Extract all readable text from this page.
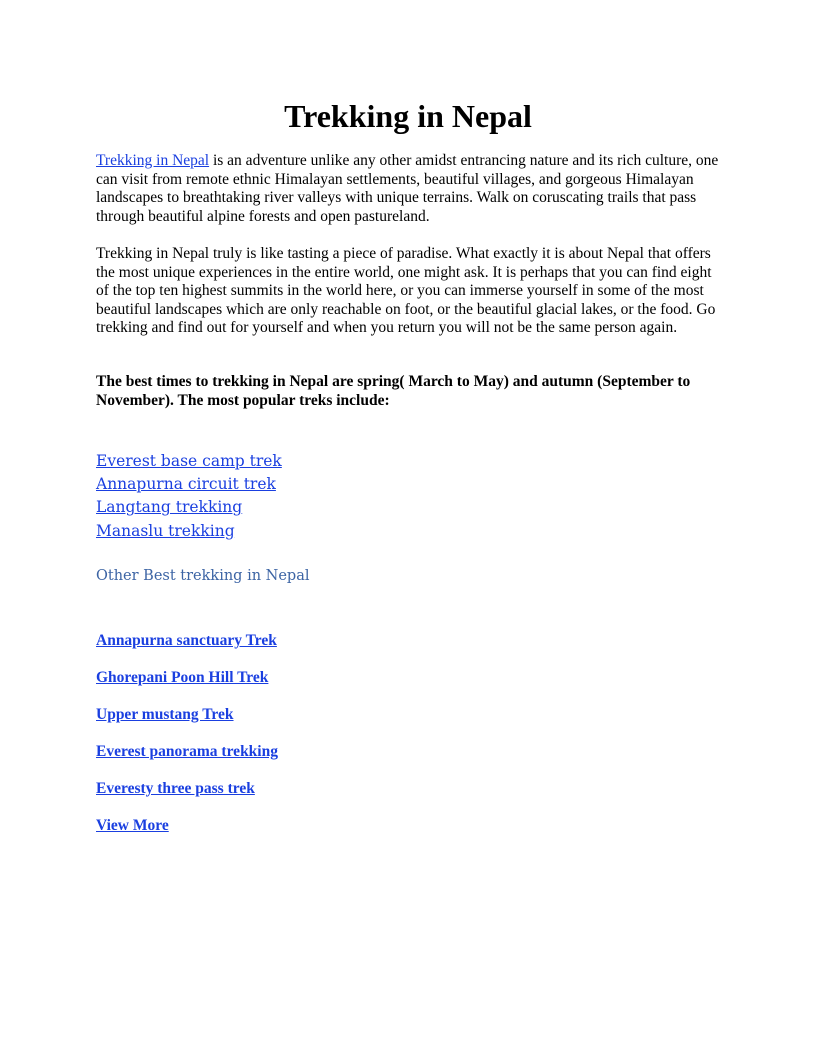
Trekking in Nepal

Trekking in Nepal is an adventure unlike any other amidst entrancing nature and its rich culture, one can visit from remote ethnic Himalayan settlements, beautiful villages, and gorgeous Himalayan landscapes to breathtaking river valleys with unique terrains. Walk on coruscating trails that pass through beautiful alpine forests and open pastureland.

Trekking in Nepal truly is like tasting a piece of paradise. What exactly it is about Nepal that offers the most unique experiences in the entire world, one might ask. It is perhaps that you can find eight of the top ten highest summits in the world here, or you can immerse yourself in some of the most beautiful landscapes which are only reachable on foot, or the beautiful glacial lakes, or the food. Go trekking and find out for yourself and when you return you will not be the same person again.

The best times to trekking in Nepal are spring( March to May) and autumn (September to November). The most popular treks include:

Everest base camp trek
Annapurna circuit trek
Langtang trekking
Manaslu trekking
Other Best trekking in Nepal
Annapurna sanctuary Trek
Ghorepani Poon Hill Trek
Upper mustang Trek
Everest panorama trekking
Everesty three pass trek
View More
